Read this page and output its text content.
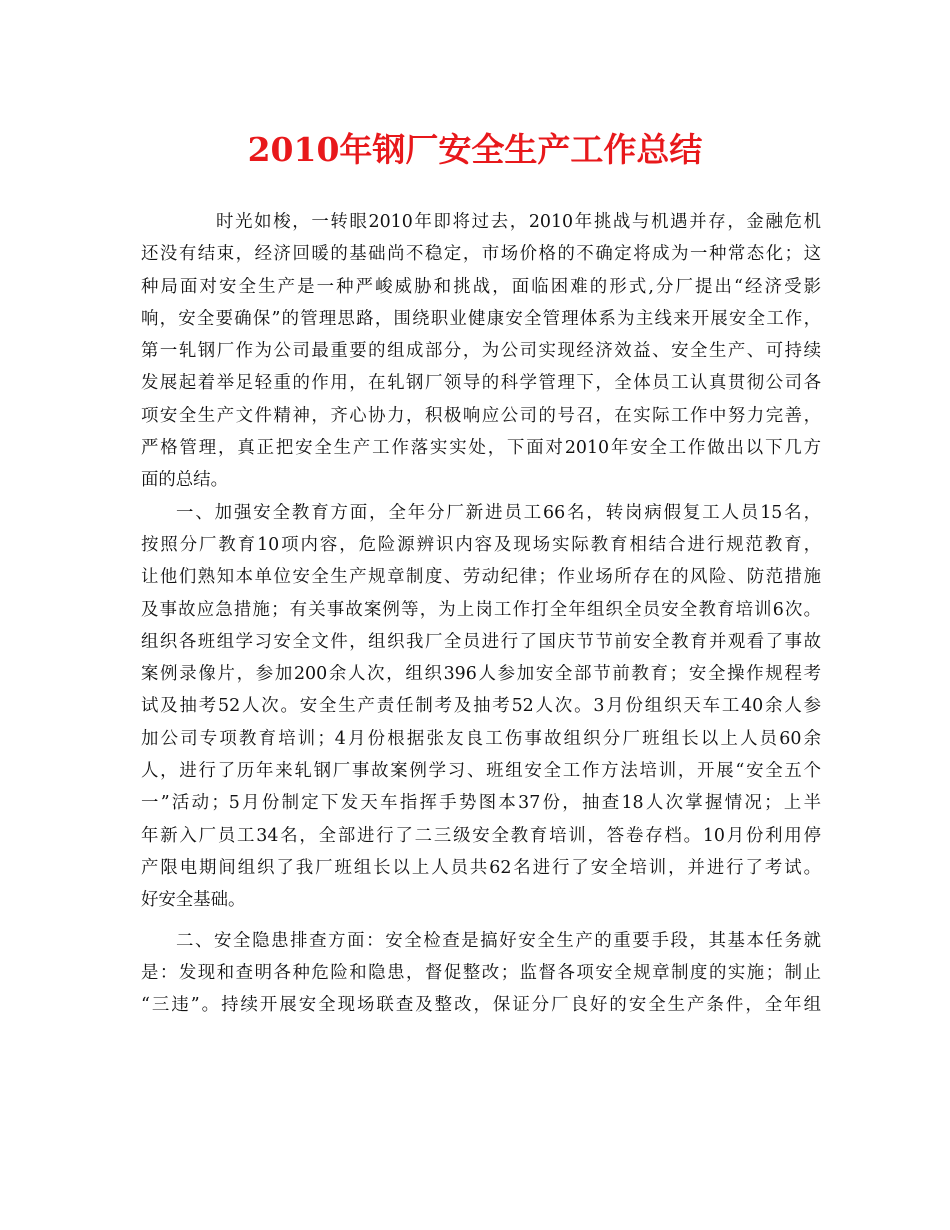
2010年钢厂安全生产工作总结
时光如梭，一转眼2010年即将过去，2010年挑战与机遇并存，金融危机
还没有结束，经济回暖的基础尚不稳定，市场价格的不确定将成为一种常态化；这
种局面对安全生产是一种严峻威胁和挑战，面临困难的形式,分厂提出“经济受影
响，安全要确保”的管理思路，围绕职业健康安全管理体系为主线来开展安全工作，
第一轧钢厂作为公司最重要的组成部分，为公司实现经济效益、安全生产、可持续
发展起着举足轻重的作用，在轧钢厂领导的科学管理下，全体员工认真贯彻公司各
项安全生产文件精神，齐心协力，积极响应公司的号召，在实际工作中努力完善，
严格管理，真正把安全生产工作落实实处，下面对2010年安全工作做出以下几方
面的总结。
一、加强安全教育方面，全年分厂新进员工66名，转岗病假复工人员15名，
按照分厂教育10项内容，危险源辨识内容及现场实际教育相结合进行规范教育，
让他们熟知本单位安全生产规章制度、劳动纪律；作业场所存在的风险、防范措施
及事故应急措施；有关事故案例等，为上岗工作打全年组织全员安全教育培训6次。
组织各班组学习安全文件，组织我厂全员进行了国庆节节前安全教育并观看了事故
案例录像片，参加200余人次，组织396人参加安全部节前教育；安全操作规程考
试及抽考52人次。安全生产责任制考及抽考52人次。3月份组织天车工40余人参
加公司专项教育培训；4月份根据张友良工伤事故组织分厂班组长以上人员60余
人，进行了历年来轧钢厂事故案例学习、班组安全工作方法培训，开展“安全五个
一”活动；5月份制定下发天车指挥手势图本37份，抽查18人次掌握情况；上半
年新入厂员工34名，全部进行了二三级安全教育培训，答卷存档。10月份利用停
产限电期间组织了我厂班组长以上人员共62名进行了安全培训，并进行了考试。
好安全基础。
二、安全隐患排查方面：安全检查是搞好安全生产的重要手段，其基本任务就
是：发现和查明各种危险和隐患，督促整改；监督各项安全规章制度的实施；制止
“三违”。持续开展安全现场联查及整改，保证分厂良好的安全生产条件，全年组
